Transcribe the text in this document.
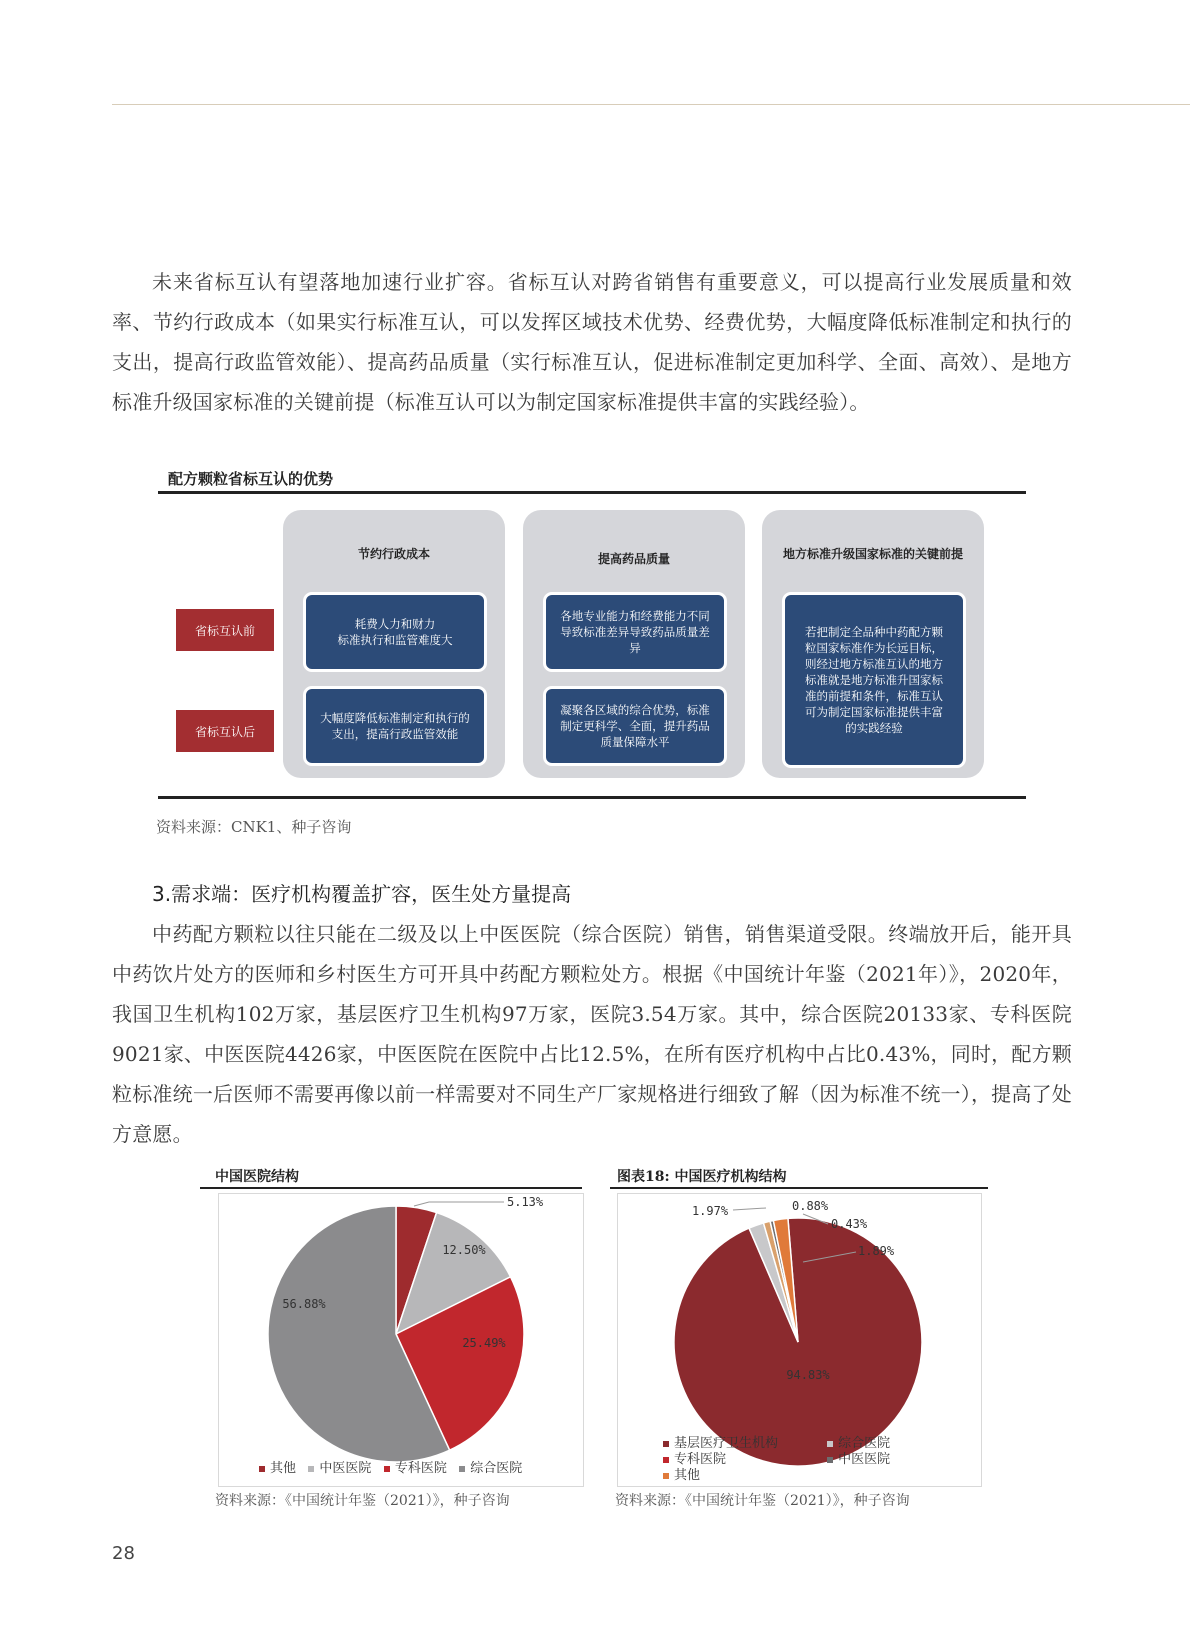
未来省标互认有望落地加速行业扩容。省标互认对跨省销售有重要意义，可以提高行业发展质量和效率、节约行政成本（如果实行标准互认，可以发挥区域技术优势、经费优势，大幅度降低标准制定和执行的支出，提高行政监管效能）、提高药品质量（实行标准互认，促进标准制定更加科学、全面、高效）、是地方标准升级国家标准的关键前提（标准互认可以为制定国家标准提供丰富的实践经验）。

配方颗粒省标互认的优势

省标互认前
省标互认后

节约行政成本

耗费人力和财力
标准执行和监管难度大
大幅度降低标准制定和执行的
支出，提高行政监管效能

提高药品质量

各地专业能力和经费能力不同
导致标准差异导致药品质量差
异
凝聚各区域的综合优势，标准
制定更科学、全面，提升药品
质量保障水平

地方标准升级国家标准的关键前提

若把制定全品种中药配方颗
粒国家标准作为长远目标，
则经过地方标准互认的地方
标准就是地方标准升国家标
准的前提和条件，标准互认
可为制定国家标准提供丰富
的实践经验

资料来源：CNK1、种子咨询

3.需求端：医疗机构覆盖扩容，医生处方量提高

中药配方颗粒以往只能在二级及以上中医医院（综合医院）销售，销售渠道受限。终端放开后，能开具中药饮片处方的医师和乡村医生方可开具中药配方颗粒处方。根据《中国统计年鉴（2021年）》，2020年，我国卫生机构102万家，基层医疗卫生机构97万家，医院3.54万家。其中，综合医院20133家、专科医院9021家、中医医院4426家，中医医院在医院中占比12.5%，在所有医疗机构中占比0.43%，同时，配方颗粒标准统一后医师不需要再像以前一样需要对不同生产厂家规格进行细致了解（因为标准不统一），提高了处方意愿。

中国医院结构

5.13%
12.50%
25.49%
56.88%
其他 中医医院 专科医院 综合医院

资料来源：《中国统计年鉴（2021）》，种子咨询

图表18: 中国医疗机构结构

94.83%
1.97%	0.88%
0.43%
1.89%
基层医疗卫生机构	综合医院
专科医院	中医医院
其他

资料来源：《中国统计年鉴（2021）》，种子咨询

28
